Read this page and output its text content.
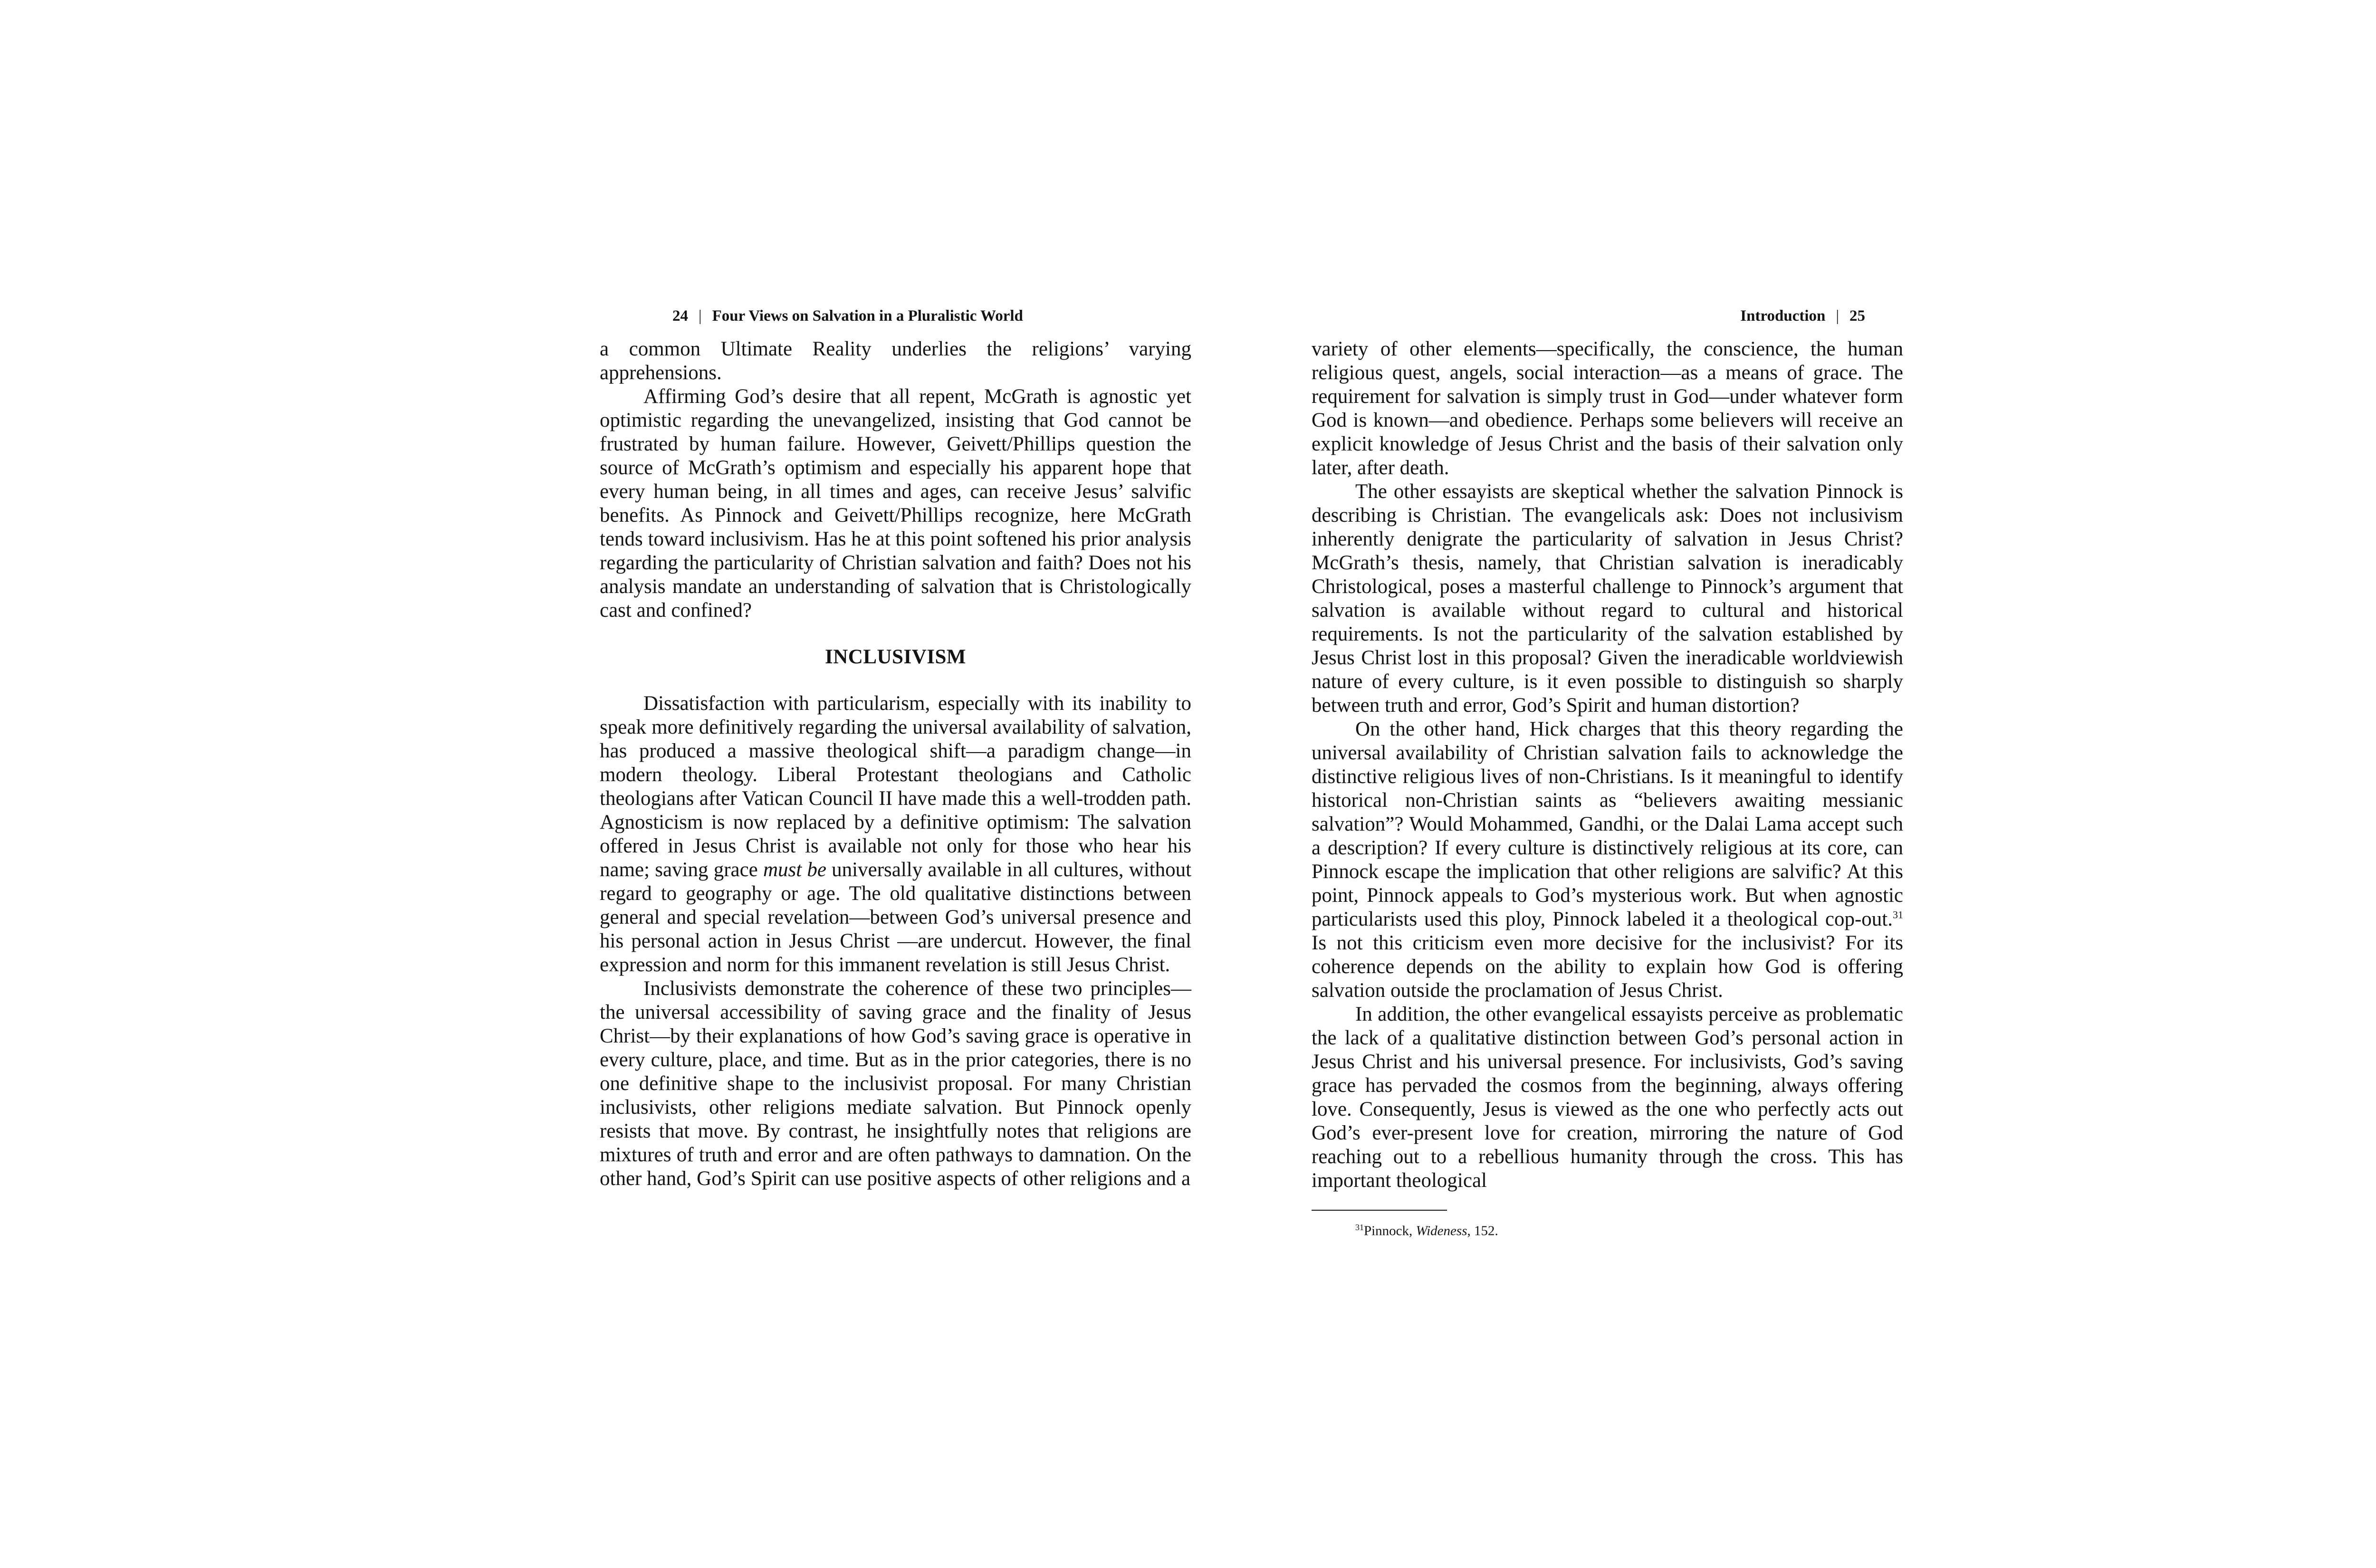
24 | Four Views on Salvation in a Pluralistic World

a common Ultimate Reality underlies the religions’ varying apprehensions.

Affirming God’s desire that all repent, McGrath is agnostic yet optimistic regarding the unevangelized, insisting that God cannot be frustrated by human failure. However, Geivett/Phillips question the source of McGrath’s optimism and especially his apparent hope that every human being, in all times and ages, can receive Jesus’ salvific benefits. As Pinnock and Geivett/Phillips recognize, here McGrath tends toward inclusivism. Has he at this point softened his prior analysis regarding the particularity of Christian salvation and faith? Does not his analysis mandate an understanding of salvation that is Christologically cast and confined?

INCLUSIVISM

Dissatisfaction with particularism, especially with its inability to speak more definitively regarding the universal availability of salvation, has produced a massive theological shift—a paradigm change—in modern theology. Liberal Protestant theologians and Catholic theologians after Vatican Council II have made this a well-trodden path. Agnosticism is now replaced by a definitive optimism: The salvation offered in Jesus Christ is available not only for those who hear his name; saving grace must be universally available in all cultures, without regard to geography or age. The old qualitative distinctions between general and special revelation—between God’s universal presence and his personal action in Jesus Christ —are undercut. However, the final expression and norm for this immanent revelation is still Jesus Christ.

Inclusivists demonstrate the coherence of these two principles—the universal accessibility of saving grace and the finality of Jesus Christ—by their explanations of how God’s saving grace is operative in every culture, place, and time. But as in the prior categories, there is no one definitive shape to the inclusivist proposal. For many Christian inclusivists, other religions mediate salvation. But Pinnock openly resists that move. By contrast, he insightfully notes that religions are mixtures of truth and error and are often pathways to damnation. On the other hand, God’s Spirit can use positive aspects of other religions and a

Introduction | 25

variety of other elements—specifically, the conscience, the human religious quest, angels, social interaction—as a means of grace. The requirement for salvation is simply trust in God—under whatever form God is known—and obedience. Perhaps some believers will receive an explicit knowledge of Jesus Christ and the basis of their salvation only later, after death.

The other essayists are skeptical whether the salvation Pinnock is describing is Christian. The evangelicals ask: Does not inclusivism inherently denigrate the particularity of salvation in Jesus Christ? McGrath’s thesis, namely, that Christian salvation is ineradicably Christological, poses a masterful challenge to Pinnock’s argument that salvation is available without regard to cultural and historical requirements. Is not the particularity of the salvation established by Jesus Christ lost in this proposal? Given the ineradicable worldviewish nature of every culture, is it even possible to distinguish so sharply between truth and error, God’s Spirit and human distortion?

On the other hand, Hick charges that this theory regarding the universal availability of Christian salvation fails to acknowledge the distinctive religious lives of non-Christians. Is it meaningful to identify historical non-Christian saints as “believers awaiting messianic salvation”? Would Mohammed, Gandhi, or the Dalai Lama accept such a description? If every culture is distinctively religious at its core, can Pinnock escape the implication that other religions are salvific? At this point, Pinnock appeals to God’s mysterious work. But when agnostic particularists used this ploy, Pinnock labeled it a theological cop-out.$^{31}$ Is not this criticism even more decisive for the inclusivist? For its coherence depends on the ability to explain how God is offering salvation outside the proclamation of Jesus Christ.

In addition, the other evangelical essayists perceive as problematic the lack of a qualitative distinction between God’s personal action in Jesus Christ and his universal presence. For inclusivists, God’s saving grace has pervaded the cosmos from the beginning, always offering love. Consequently, Jesus is viewed as the one who perfectly acts out God’s ever-present love for creation, mirroring the nature of God reaching out to a rebellious humanity through the cross. This has important theological

$^{31}$Pinnock, Wideness, 152.
